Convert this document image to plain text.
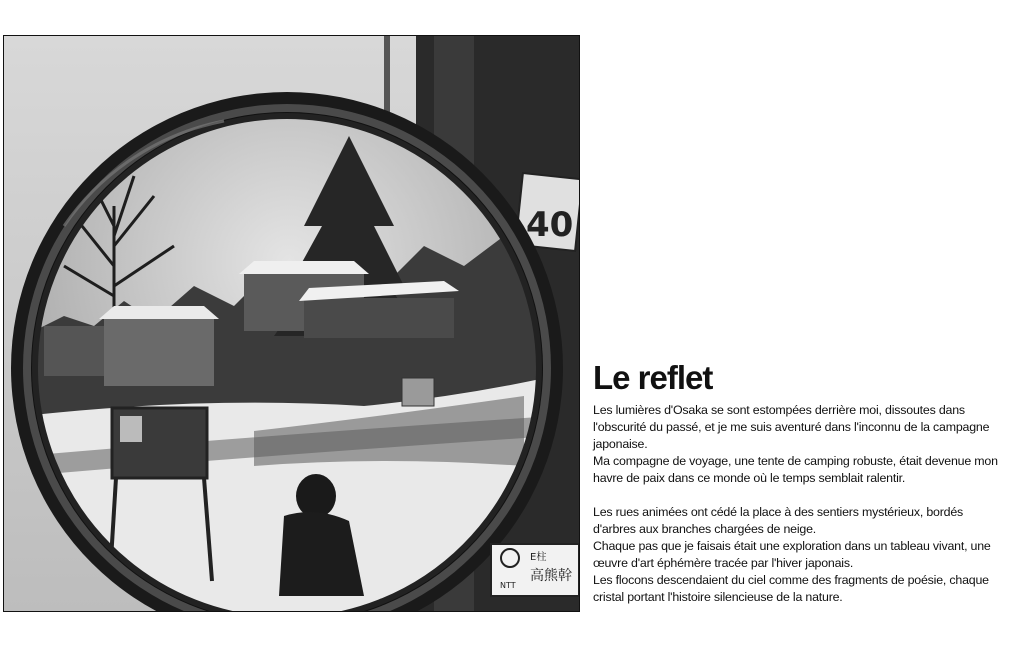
40
NTT
E柱
高熊幹
Le reflet

Les lumières d'Osaka se sont estompées derrière moi, dissoutes dans l'obscurité du passé, et je me suis aventuré dans l'inconnu de la campagne japonaise.

Ma compagne de voyage, une tente de camping robuste, était devenue mon havre de paix dans ce monde où le temps semblait ralentir.

Les rues animées ont cédé la place à des sentiers mystérieux, bordés d'arbres aux branches chargées de neige.

Chaque pas que je faisais était une exploration dans un tableau vivant, une œuvre d'art éphémère tracée par l'hiver japonais.

Les flocons descendaient du ciel comme des fragments de poésie, chaque cristal portant l'histoire silencieuse de la nature.
